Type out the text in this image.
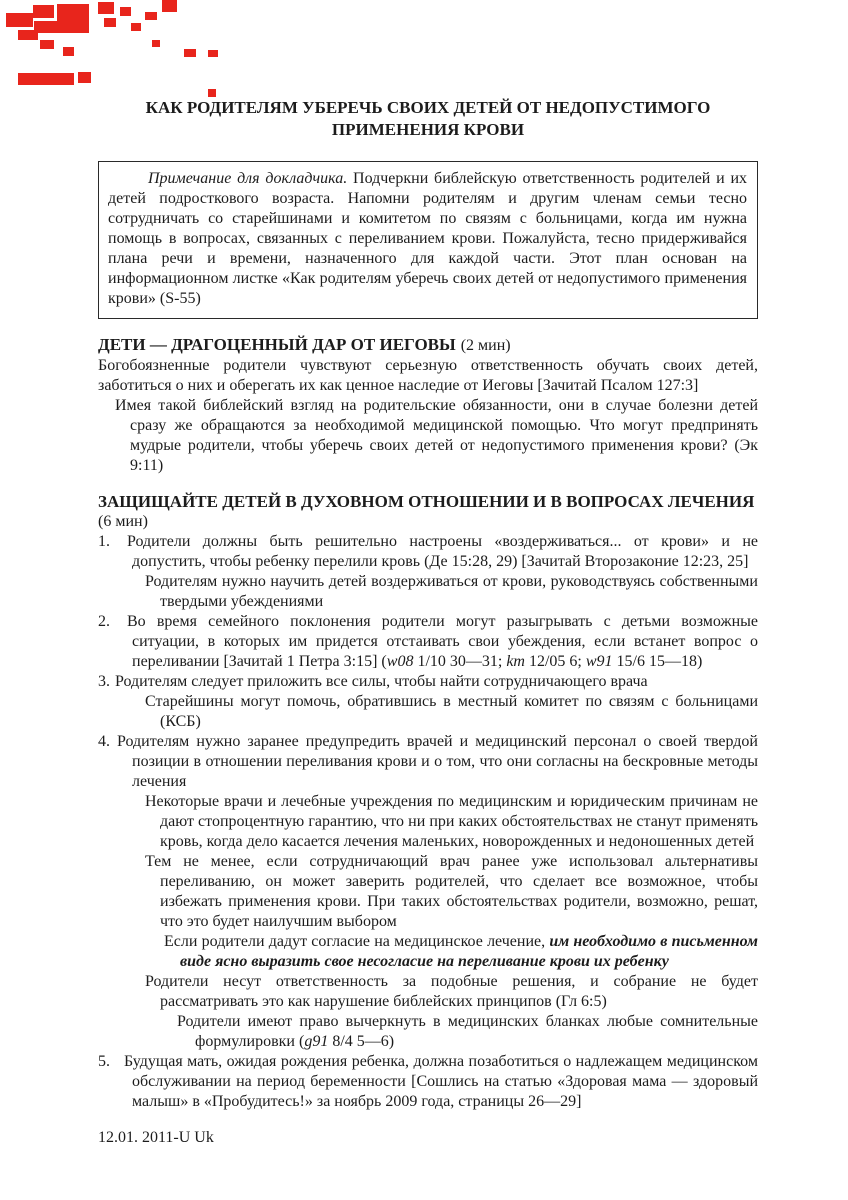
КАК РОДИТЕЛЯМ УБЕРЕЧЬ СВОИХ ДЕТЕЙ ОТ НЕДОПУСТИМОГО
ПРИМЕНЕНИЯ КРОВИ

Примечание для докладчика. Подчеркни библейскую ответственность родителей и их детей подросткового возраста. Напомни родителям и другим членам семьи тесно сотрудничать со старейшинами и комитетом по связям с больницами, когда им нужна помощь в вопросах, связанных с переливанием крови. Пожалуйста, тесно придерживайся плана речи и времени, назначенного для каждой части. Этот план основан на информационном листке «Как родителям уберечь своих детей от недопустимого применения крови» (S-55)

ДЕТИ — ДРАГОЦЕННЫЙ ДАР ОТ ИЕГОВЫ (2 мин)
Богобоязненные родители чувствуют серьезную ответственность обучать своих детей, заботиться о них и оберегать их как ценное наследие от Иеговы [Зачитай Псалом 127:3]
Имея такой библейский взгляд на родительские обязанности, они в случае болезни детей сразу же обращаются за необходимой медицинской помощью. Что могут предпринять мудрые родители, чтобы уберечь своих детей от недопустимого применения крови? (Эк 9:11)
ЗАЩИЩАЙТЕ ДЕТЕЙ В ДУХОВНОМ ОТНОШЕНИИ И В ВОПРОСАХ ЛЕЧЕНИЯ
(6 мин)
1. Родители должны быть решительно настроены «воздерживаться... от крови» и не допустить, чтобы ребенку перелили кровь (Де 15:28, 29) [Зачитай Второзаконие 12:23, 25]
Родителям нужно научить детей воздерживаться от крови, руководствуясь собственными твердыми убеждениями
2. Во время семейного поклонения родители могут разыгрывать с детьми возможные ситуации, в которых им придется отстаивать свои убеждения, если встанет вопрос о переливании [Зачитай 1 Петра 3:15] (w08 1/10 30—31; km 12/05 6; w91 15/6 15—18)
3. Родителям следует приложить все силы, чтобы найти сотрудничающего врача
Старейшины могут помочь, обратившись в местный комитет по связям с больницами (КСБ)
4. Родителям нужно заранее предупредить врачей и медицинский персонал о своей твердой позиции в отношении переливания крови и о том, что они согласны на бескровные методы лечения
Некоторые врачи и лечебные учреждения по медицинским и юридическим причинам не дают стопроцентную гарантию, что ни при каких обстоятельствах не станут применять кровь, когда дело касается лечения маленьких, новорожденных и недоношенных детей
Тем не менее, если сотрудничающий врач ранее уже использовал альтернативы переливанию, он может заверить родителей, что сделает все возможное, чтобы избежать применения крови. При таких обстоятельствах родители, возможно, решат, что это будет наилучшим выбором
Если родители дадут согласие на медицинское лечение, им необходимо в письменном виде ясно выразить свое несогласие на переливание крови их ребенку
Родители несут ответственность за подобные решения, и собрание не будет рассматривать это как нарушение библейских принципов (Гл 6:5)
Родители имеют право вычеркнуть в медицинских бланках любые сомнительные формулировки (g91 8/4 5—6)
5. Будущая мать, ожидая рождения ребенка, должна позаботиться о надлежащем медицинском обслуживании на период беременности [Сошлись на статью «Здоровая мама — здоровый малыш» в «Пробудитесь!» за ноябрь 2009 года, страницы 26—29]
12.01. 2011-U Uk
